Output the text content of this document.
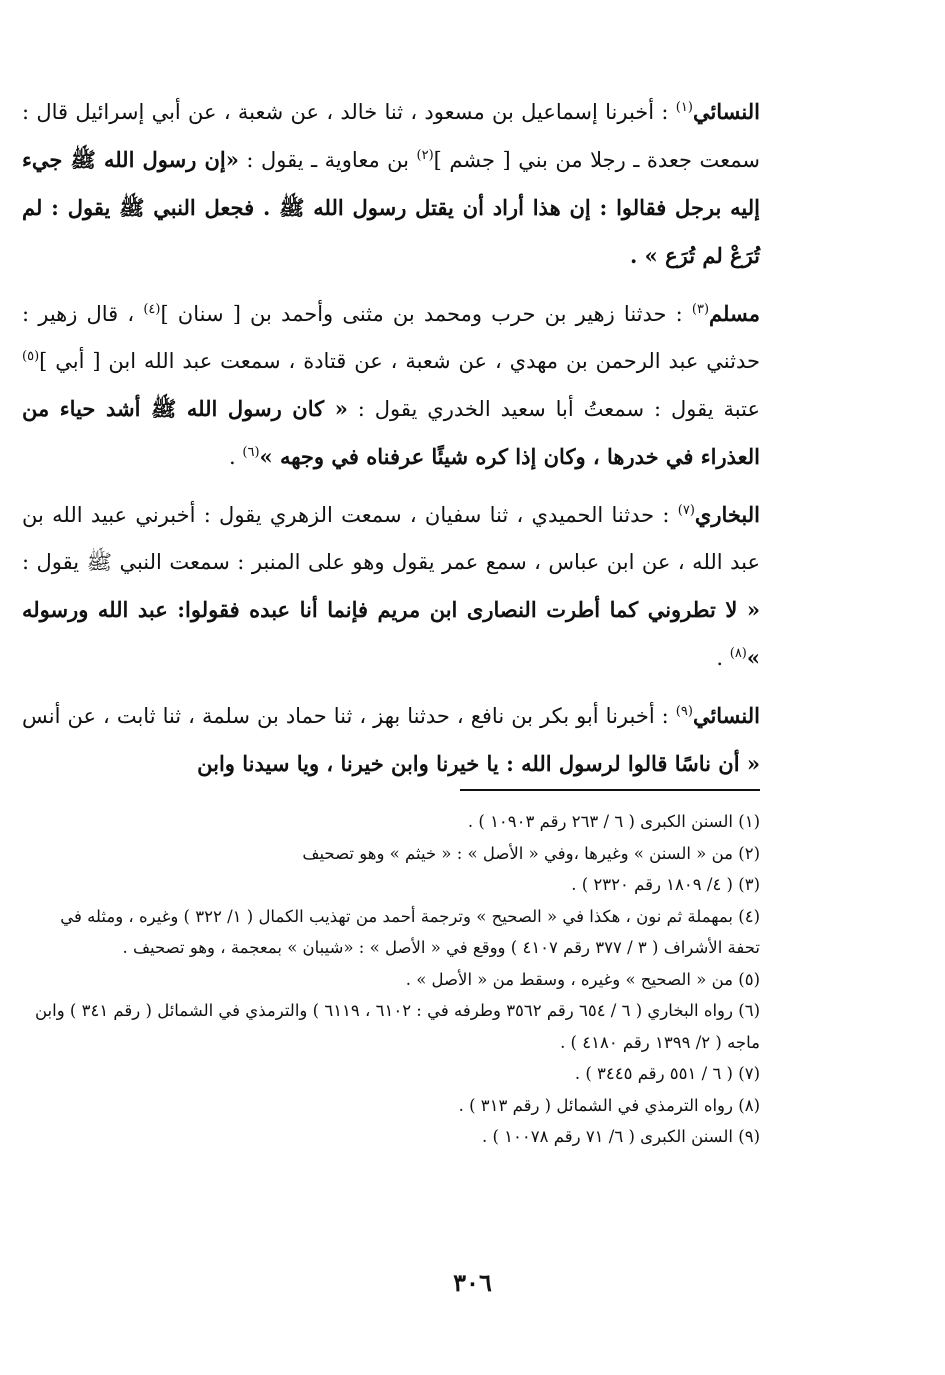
النسائي$^{(١)}$ : أخبرنا إسماعيل بن مسعود ، ثنا خالد ، عن شعبة ، عن أبي إسرائيل قال : سمعت جعدة ـ رجلا من بني [ جشم ]$^{(٢)}$ بن معاوية ـ يقول : «إن رسول الله ﷺ جيء إليه برجل فقالوا : إن هذا أراد أن يقتل رسول الله ﷺ . فجعل النبي ﷺ يقول : لم تُرَعْ لم تُرَع » .

مسلم$^{(٣)}$ : حدثنا زهير بن حرب ومحمد بن مثنى وأحمد بن [ سنان ]$^{(٤)}$ ، قال زهير : حدثني عبد الرحمن بن مهدي ، عن شعبة ، عن قتادة ، سمعت عبد الله ابن [ أبي ]$^{(٥)}$ عتبة يقول : سمعتُ أبا سعيد الخدري يقول : « كان رسول الله ﷺ أشد حياء من العذراء في خدرها ، وكان إذا كره شيئًا عرفناه في وجهه »$^{(٦)}$ .

البخاري$^{(٧)}$ : حدثنا الحميدي ، ثنا سفيان ، سمعت الزهري يقول : أخبرني عبيد الله بن عبد الله ، عن ابن عباس ، سمع عمر يقول وهو على المنبر : سمعت النبي ﷺ يقول : « لا تطروني كما أطرت النصارى ابن مريم فإنما أنا عبده فقولوا: عبد الله ورسوله »$^{(٨)}$ .

النسائي$^{(٩)}$ : أخبرنا أبو بكر بن نافع ، حدثنا بهز ، ثنا حماد بن سلمة ، ثنا ثابت ، عن أنس « أن ناسًا قالوا لرسول الله : يا خيرنا وابن خيرنا ، ويا سيدنا وابن

(١) السنن الكبرى ( ٦ / ٢٦٣ رقم ١٠٩٠٣ ) .

(٢) من « السنن » وغيرها ،وفي « الأصل » : « خيثم » وهو تصحيف

(٣) ( ٤/ ١٨٠٩ رقم ٢٣٢٠ ) .

(٤) بمهملة ثم نون ، هكذا في « الصحيح » وترجمة أحمد من تهذيب الكمال ( ١/ ٣٢٢ ) وغيره ، ومثله في تحفة الأشراف ( ٣ / ٣٧٧ رقم ٤١٠٧ ) ووقع في « الأصل » : «شيبان » بمعجمة ، وهو تصحيف .

(٥) من « الصحيح » وغيره ، وسقط من « الأصل » .

(٦) رواه البخاري ( ٦ / ٦٥٤ رقم ٣٥٦٢ وطرفه في : ٦١٠٢ ، ٦١١٩ ) والترمذي في الشمائل ( رقم ٣٤١ ) وابن ماجه ( ٢/ ١٣٩٩ رقم ٤١٨٠ ) .

(٧) ( ٦ / ٥٥١ رقم ٣٤٤٥ ) .

(٨) رواه الترمذي في الشمائل ( رقم ٣١٣ ) .

(٩) السنن الكبرى ( ٦/ ٧١ رقم ١٠٠٧٨ ) .

٣٠٦
